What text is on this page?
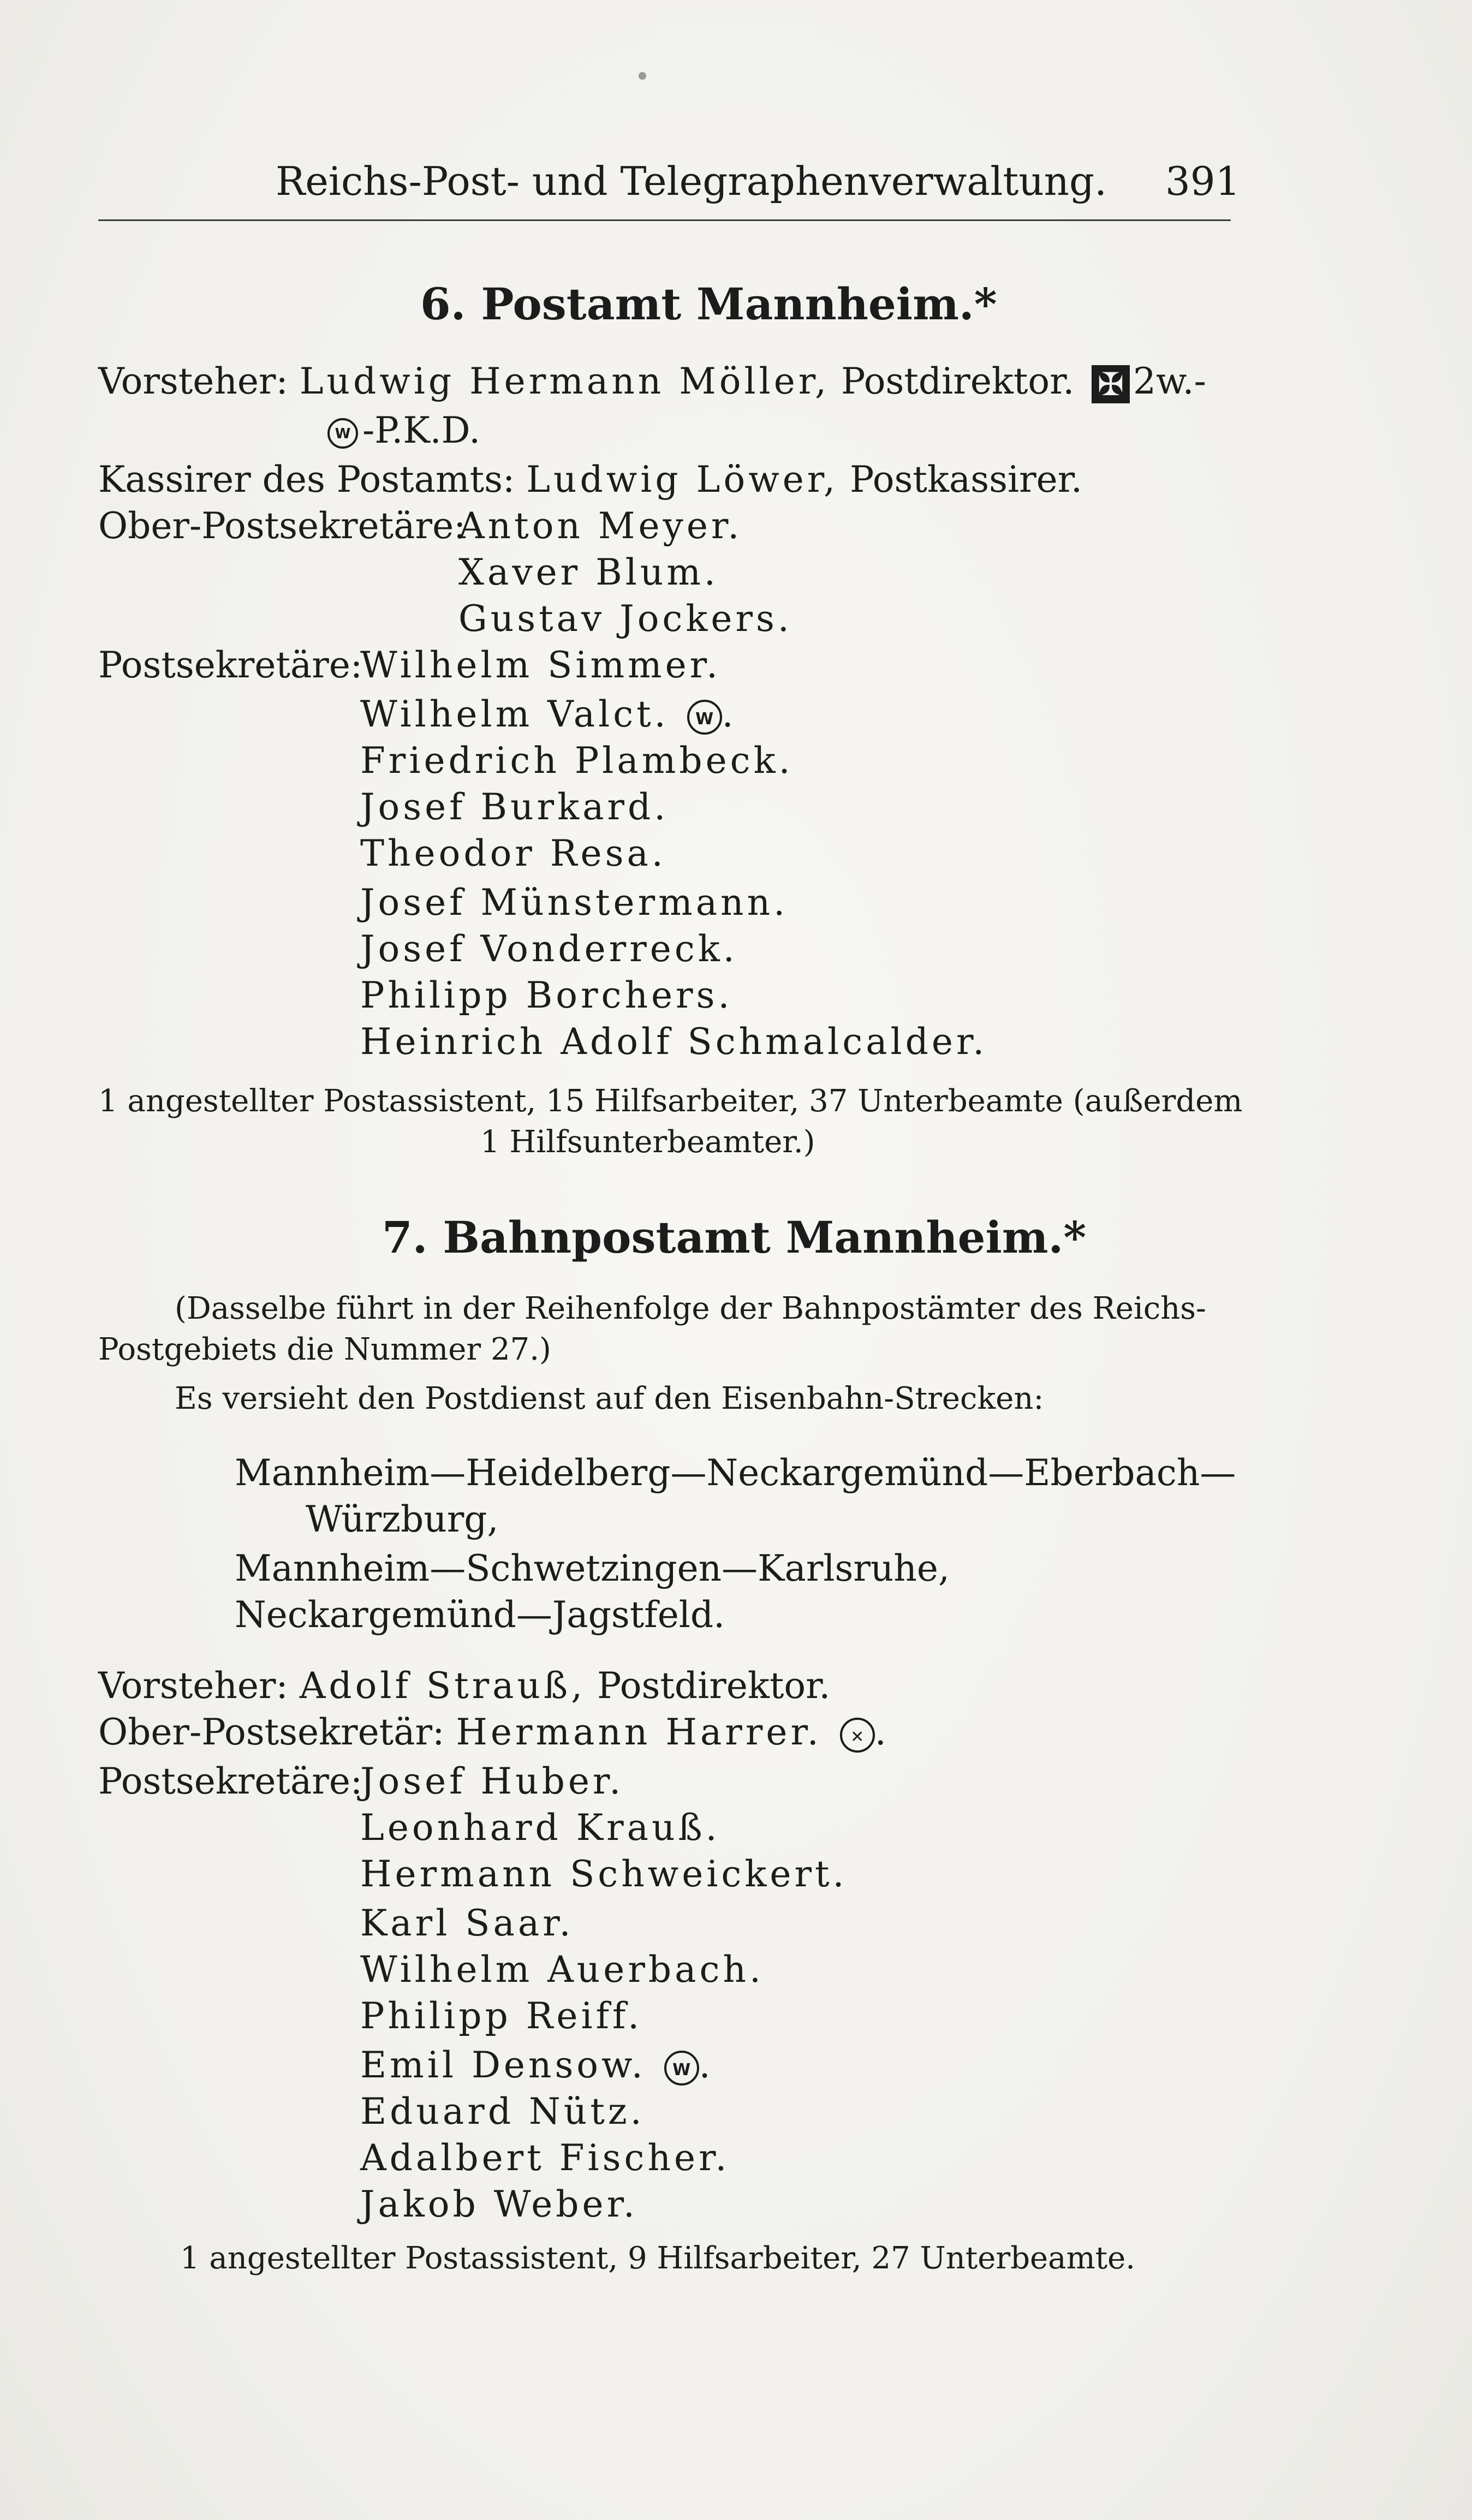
Reichs-Post- und Telegraphenverwaltung. 391
6. Postamt Mannheim.*
Vorsteher: Ludwig Hermann Möller, Postdirektor. ✠ 2w.-
W -P.K.D.
Kassirer des Postamts: Ludwig Löwer, Postkassirer.
Ober-Postsekretäre:
Anton Meyer.
Xaver Blum.
Gustav Jockers.
Postsekretäre:
Wilhelm Simmer.
Wilhelm Valct. W .
Friedrich Plambeck.
Josef Burkard.
Theodor Resa.
Josef Münstermann.
Josef Vonderreck.
Philipp Borchers.
Heinrich Adolf Schmalcalder.
1 angestellter Postassistent, 15 Hilfsarbeiter, 37 Unterbeamte (außerdem
1 Hilfsunterbeamter.)
7. Bahnpostamt Mannheim.*
(Dasselbe führt in der Reihenfolge der Bahnpostämter des Reichs-
Postgebiets die Nummer 27.)
Es versieht den Postdienst auf den Eisenbahn-Strecken:
Mannheim—Heidelberg—Neckargemünd—Eberbach—
Würzburg,
Mannheim—Schwetzingen—Karlsruhe,
Neckargemünd—Jagstfeld.
Vorsteher: Adolf Strauß, Postdirektor.
Ober-Postsekretär: Hermann Harrer. ✕ .
Postsekretäre:
Josef Huber.
Leonhard Krauß.
Hermann Schweickert.
Karl Saar.
Wilhelm Auerbach.
Philipp Reiff.
Emil Densow. W .
Eduard Nütz.
Adalbert Fischer.
Jakob Weber.
1 angestellter Postassistent, 9 Hilfsarbeiter, 27 Unterbeamte.
